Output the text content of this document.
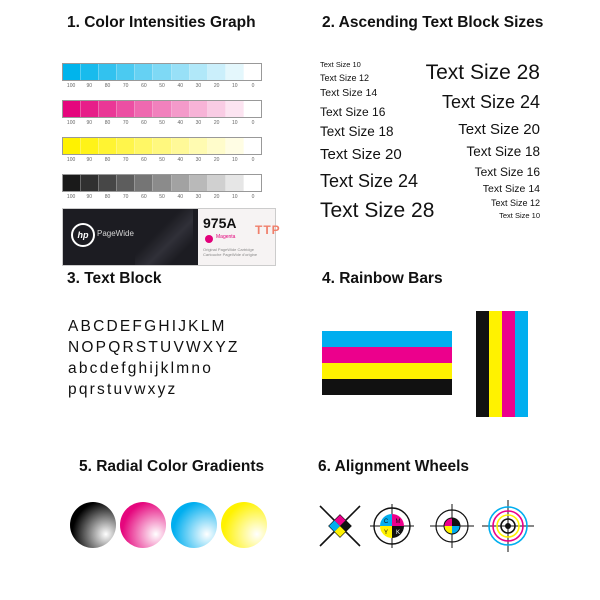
1. Color Intensities Graph	2. Ascending Text Block Sizes
3. Text Block	4. Rainbow Bars
5. Radial Color Gradients	6. Alignment Wheels
100	90	80	70	60	50	40	30	20	10	0
100	90	80	70	60	50	40	30	20	10	0
100	90	80	70	60	50	40	30	20	10	0
100	90	80	70	60	50	40	30	20	10	0
hp	PageWide
975A
Magenta
Original PageWide Cartridge
Cartouche PageWide d'origine
TTP
Text Size 10
Text Size 12
Text Size 14
Text Size 16
Text Size 18
Text Size 20
Text Size 24
Text Size 28
Text Size 28
Text Size 24
Text Size 20
Text Size 18
Text Size 16
Text Size 14
Text Size 12
Text Size 10
ABCDEFGHIJKLM
NOPQRSTUVWXYZ
abcdefghijklmno
pqrstuvwxyz
C M
Y K
